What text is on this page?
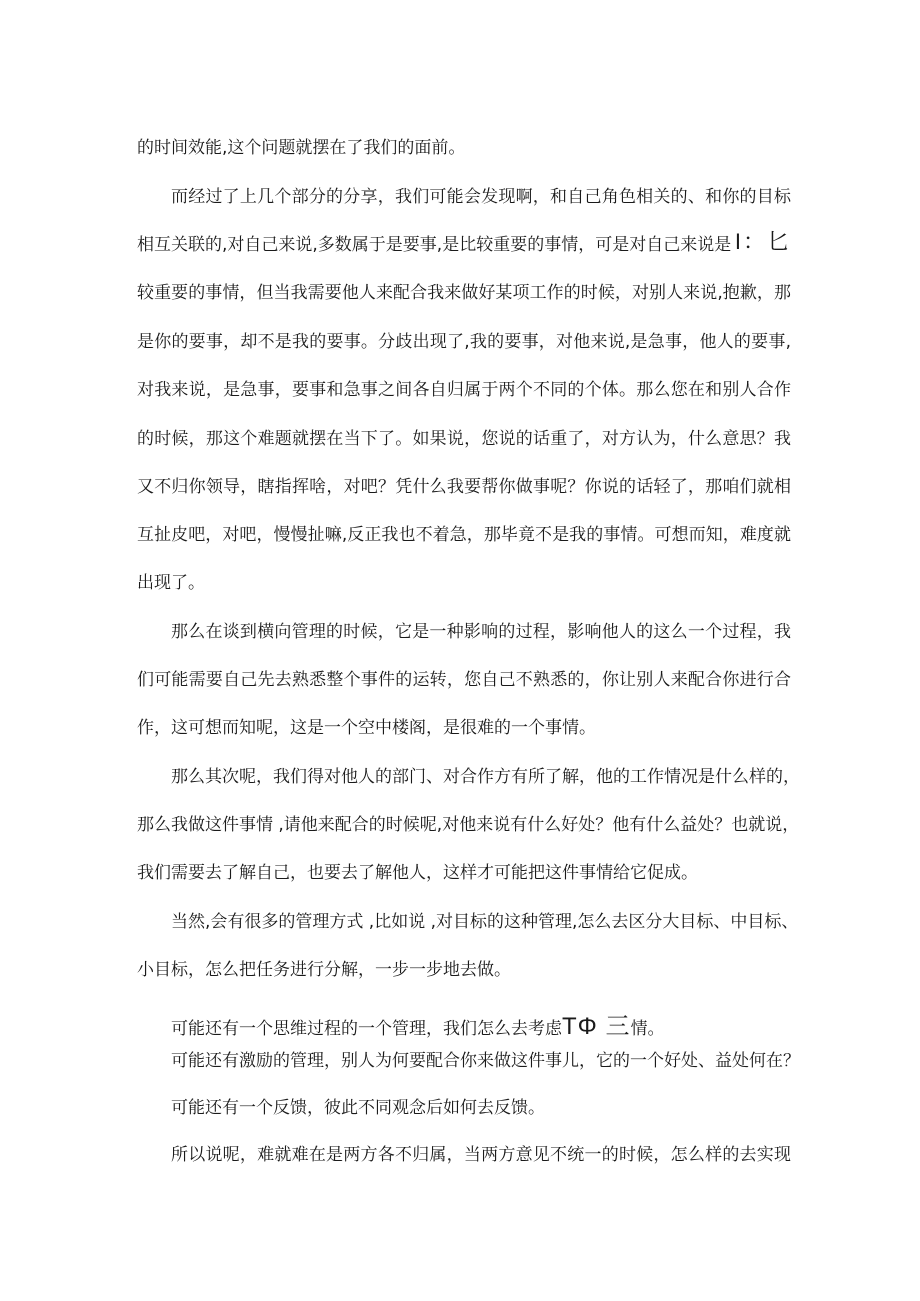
的时间效能,这个问题就摆在了我们的面前。

而经过了上几个部分的分享，我们可能会发现啊，和自己角色相关的、和你的目标

相互关联的,对自己来说,多数属于是要事,是比较重要的事情，可是对自己来说是 I：匕

较重要的事情，但当我需要他人来配合我来做好某项工作的时候，对别人来说,抱歉，那

是你的要事，却不是我的要事。分歧出现了,我的要事，对他来说,是急事，他人的要事,

对我来说，是急事，要事和急事之间各自归属于两个不同的个体。那么您在和别人合作

的时候，那这个难题就摆在当下了。如果说，您说的话重了，对方认为，什么意思？我

又不归你领导，瞎指挥啥，对吧？凭什么我要帮你做事呢？你说的话轻了，那咱们就相

互扯皮吧，对吧，慢慢扯嘛,反正我也不着急，那毕竟不是我的事情。可想而知，难度就

出现了。

那么在谈到横向管理的时候，它是一种影响的过程，影响他人的这么一个过程，我

们可能需要自己先去熟悉整个事件的运转，您自己不熟悉的，你让别人来配合你进行合

作，这可想而知呢，这是一个空中楼阁，是很难的一个事情。

那么其次呢，我们得对他人的部门、对合作方有所了解，他的工作情况是什么样的，

那么我做这件事情 ,请他来配合的时候呢,对他来说有什么好处？他有什么益处？也就说，

我们需要去了解自己，也要去了解他人，这样才可能把这件事情给它促成。

当然,会有很多的管理方式 ,比如说 ,对目标的这种管理,怎么去区分大目标、中目标、

小目标，怎么把任务进行分解，一步一步地去做。

可能还有一个思维过程的一个管理，我们怎么去考虑TΦ 三情。

可能还有激励的管理，别人为何要配合你来做这件事儿，它的一个好处、益处何在？

可能还有一个反馈，彼此不同观念后如何去反馈。

所以说呢，难就难在是两方各不归属，当两方意见不统一的时候，怎么样的去实现
